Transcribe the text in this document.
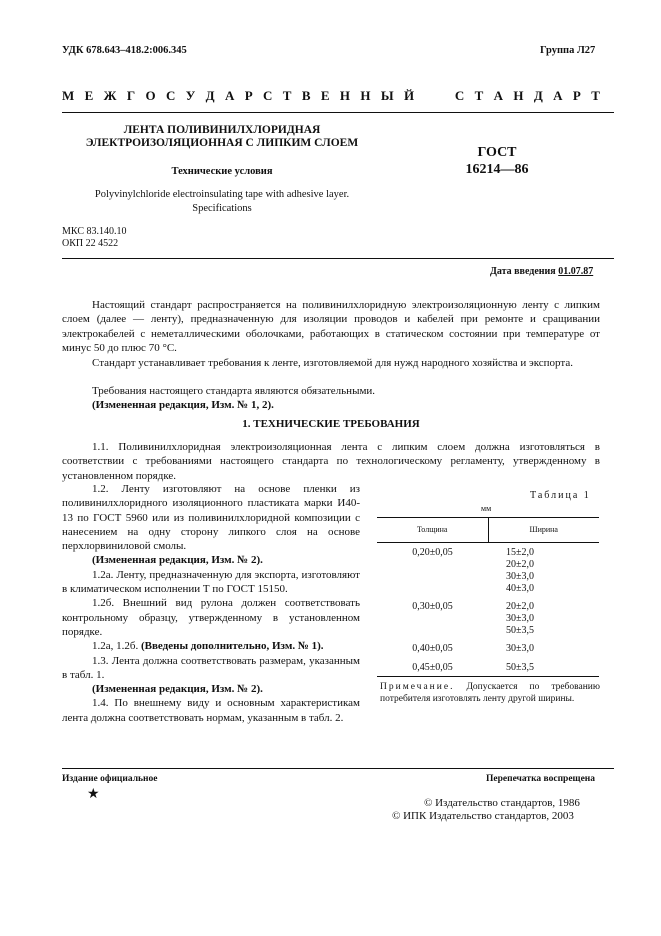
УДК 678.643–418.2:006.345	Группа Л27
М Е Ж Г О С У Д А Р С Т В Е Н Н Ы Й	С Т А Н Д А Р Т
ЛЕНТА ПОЛИВИНИЛХЛОРИДНАЯ
ЭЛЕКТРОИЗОЛЯЦИОННАЯ С ЛИПКИМ СЛОЕМ
Технические условия
Polyvinylchloride electroinsulating tape with adhesive layer.
Specifications
ГОСТ
16214—86
МКС 83.140.10
ОКП 22 4522
Дата введения 01.07.87
Настоящий стандарт распространяется на поливинилхлоридную электроизоляционную ленту с липким слоем (далее — ленту), предназначенную для изоляции проводов и кабелей при ремонте и сращивании электрокабелей с неметаллическими оболочками, работающих в статическом состоянии при температуре от минус 50 до плюс 70 °С.
Стандарт устанавливает требования к ленте, изготовляемой для нужд народного хозяйства и экспорта.
Требования настоящего стандарта являются обязательными.
(Измененная редакция, Изм. № 1, 2).
1. ТЕХНИЧЕСКИЕ ТРЕБОВАНИЯ
1.1. Поливинилхлоридная электроизоляционная лента с липким слоем должна изготовляться в соответствии с требованиями настоящего стандарта по технологическому регламенту, утвержденному в установленном порядке.

1.2. Ленту изготовляют на основе пленки из поливинилхлоридного изоляционного пластиката марки И40-13 по ГОСТ 5960 или из поливинилхлоридной композиции с нанесением на одну сторону липкого слоя на основе перхлорвиниловой смолы.

(Измененная редакция, Изм. № 2).

1.2а. Ленту, предназначенную для экспорта, изготовляют в климатическом исполнении Т по ГОСТ 15150.

1.2б. Внешний вид рулона должен соответствовать контрольному образцу, утвержденному в установленном порядке.

1.2а, 1.2б. (Введены дополнительно, Изм. № 1).

1.3. Лента должна соответствовать размерам, указанным в табл. 1.

(Измененная редакция, Изм. № 2).

1.4. По внешнему виду и основным характеристикам лента должна соответствовать нормам, указанным в табл. 2.

Таблица 1
мм
Толщина	Ширина
0,20±0,05	15±2,0
20±2,0
30±3,0
40±3,0
0,30±0,05	20±2,0
30±3,0
50±3,5
0,40±0,05	30±3,0
0,45±0,05	50±3,5
Примечание. Допускается по требованию потребителя изготовлять ленту другой ширины.
Издание официальное	Перепечатка воспрещена
★
© Издательство стандартов, 1986
© ИПК Издательство стандартов, 2003
